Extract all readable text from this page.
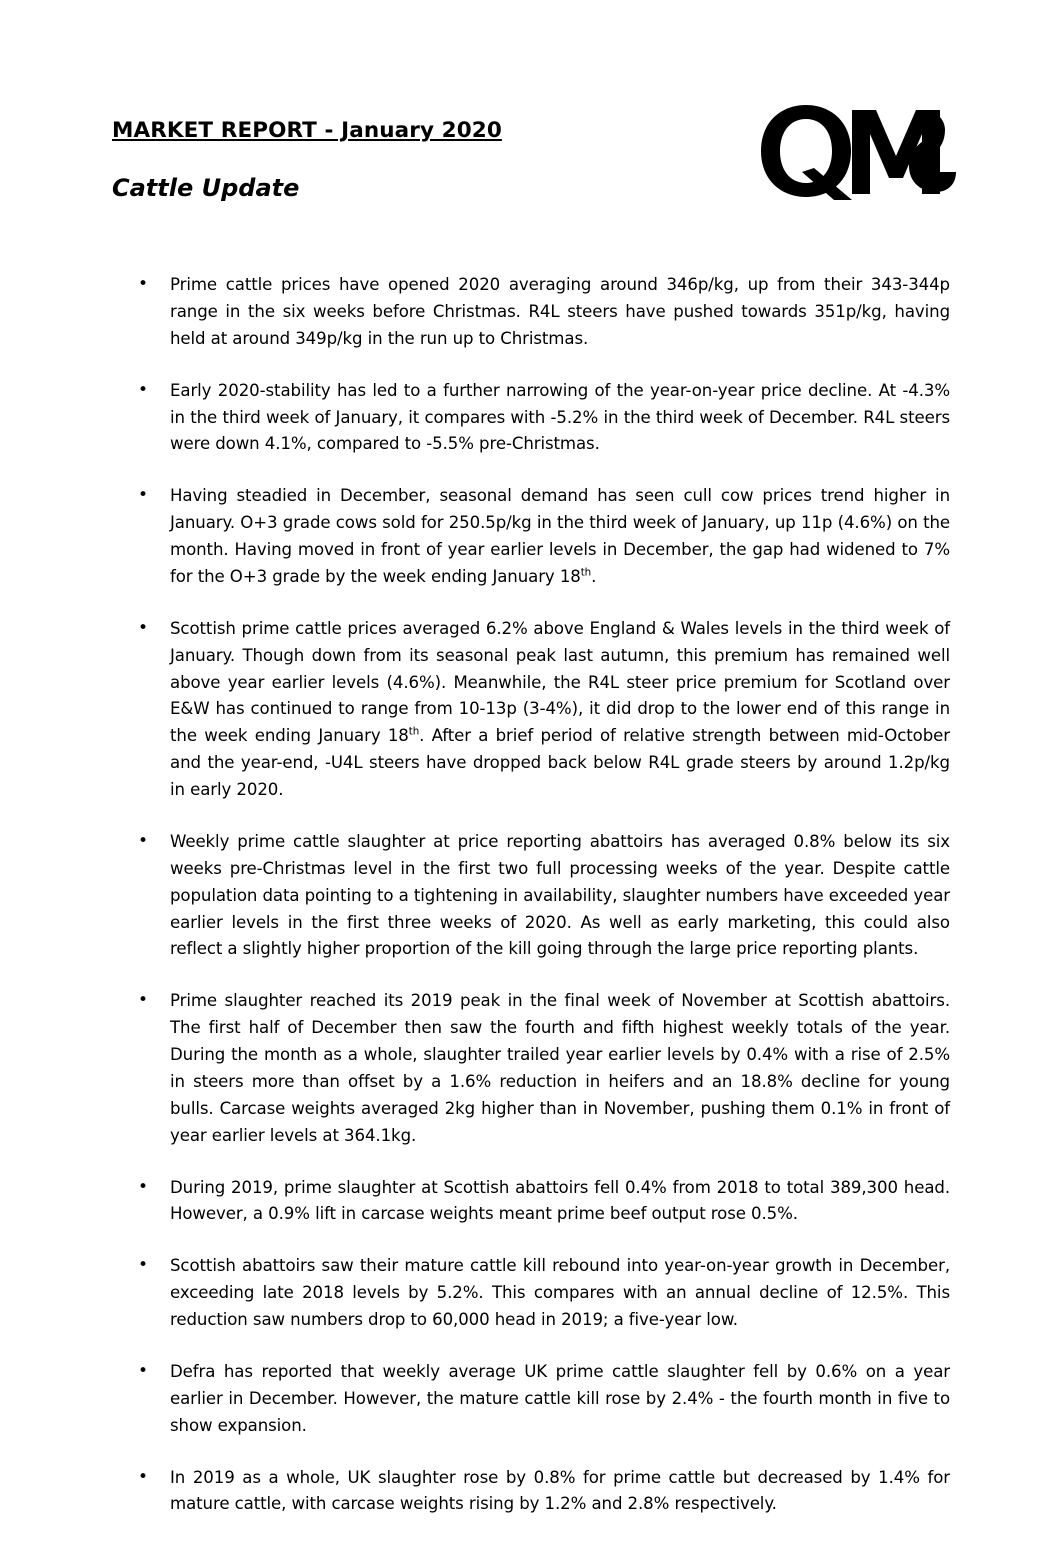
MARKET REPORT - January 2020
Cattle Update
• Prime cattle prices have opened 2020 averaging around 346p/kg, up from their 343-344p range in the six weeks before Christmas. R4L steers have pushed towards 351p/kg, having held at around 349p/kg in the run up to Christmas.
• Early 2020-stability has led to a further narrowing of the year-on-year price decline. At -4.3% in the third week of January, it compares with -5.2% in the third week of December. R4L steers were down 4.1%, compared to -5.5% pre-Christmas.
• Having steadied in December, seasonal demand has seen cull cow prices trend higher in January. O+3 grade cows sold for 250.5p/kg in the third week of January, up 11p (4.6%) on the month. Having moved in front of year earlier levels in December, the gap had widened to 7% for the O+3 grade by the week ending January 18th.
• Scottish prime cattle prices averaged 6.2% above England & Wales levels in the third week of January. Though down from its seasonal peak last autumn, this premium has remained well above year earlier levels (4.6%). Meanwhile, the R4L steer price premium for Scotland over E&W has continued to range from 10-13p (3-4%), it did drop to the lower end of this range in the week ending January 18th. After a brief period of relative strength between mid-October and the year-end, -U4L steers have dropped back below R4L grade steers by around 1.2p/kg in early 2020.
• Weekly prime cattle slaughter at price reporting abattoirs has averaged 0.8% below its six weeks pre-Christmas level in the first two full processing weeks of the year. Despite cattle population data pointing to a tightening in availability, slaughter numbers have exceeded year earlier levels in the first three weeks of 2020. As well as early marketing, this could also reflect a slightly higher proportion of the kill going through the large price reporting plants.
• Prime slaughter reached its 2019 peak in the final week of November at Scottish abattoirs. The first half of December then saw the fourth and fifth highest weekly totals of the year. During the month as a whole, slaughter trailed year earlier levels by 0.4% with a rise of 2.5% in steers more than offset by a 1.6% reduction in heifers and an 18.8% decline for young bulls. Carcase weights averaged 2kg higher than in November, pushing them 0.1% in front of year earlier levels at 364.1kg.
• During 2019, prime slaughter at Scottish abattoirs fell 0.4% from 2018 to total 389,300 head. However, a 0.9% lift in carcase weights meant prime beef output rose 0.5%.
• Scottish abattoirs saw their mature cattle kill rebound into year-on-year growth in December, exceeding late 2018 levels by 5.2%. This compares with an annual decline of 12.5%. This reduction saw numbers drop to 60,000 head in 2019; a five-year low.
• Defra has reported that weekly average UK prime cattle slaughter fell by 0.6% on a year earlier in December. However, the mature cattle kill rose by 2.4% - the fourth month in five to show expansion.
• In 2019 as a whole, UK slaughter rose by 0.8% for prime cattle but decreased by 1.4% for mature cattle, with carcase weights rising by 1.2% and 2.8% respectively.
